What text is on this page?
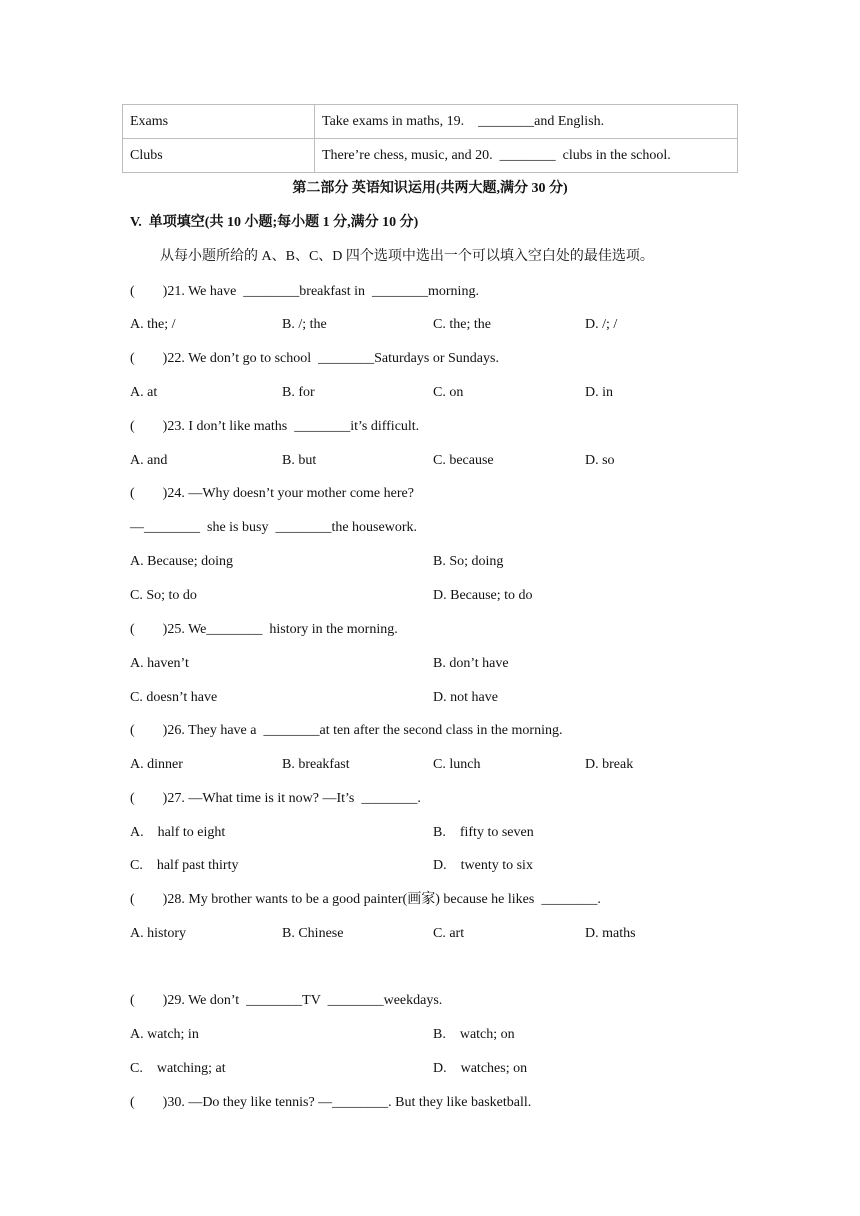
Exams	Take exams in maths, 19.    ________and English.
Clubs	There’re chess, music, and 20.  ________  clubs in the school.
第二部分 英语知识运用(共两大题,满分 30 分)
V.  单项填空(共 10 小题;每小题 1 分,满分 10 分)
从每小题所给的 A、B、C、D 四个选项中选出一个可以填入空白处的最佳选项。
(        )21. We have  ________breakfast in  ________morning.
A. the; /	B. /; the	C. the; the	D. /; /
(        )22. We don’t go to school  ________Saturdays or Sundays.
A. at	B. for	C. on	D. in
(        )23. I don’t like maths  ________it’s difficult.
A. and	B. but	C. because	D. so
(        )24. —Why doesn’t your mother come here?
—________  she is busy  ________the housework.
A. Because; doing	B. So; doing
C. So; to do	D. Because; to do
(        )25. We________  history in the morning.
A. haven’t	B. don’t have
C. doesn’t have	D. not have
(        )26. They have a  ________at ten after the second class in the morning.
A. dinner	B. breakfast	C. lunch	D. break
(        )27. —What time is it now? —It’s  ________.
A.    half to eight	B.    fifty to seven
C.    half past thirty	D.    twenty to six
(        )28. My brother wants to be a good painter(画家) because he likes  ________.
A. history	B. Chinese	C. art	D. maths
(        )29. We don’t  ________TV  ________weekdays.
A. watch; in	B.    watch; on
C.    watching; at	D.    watches; on
(        )30. —Do they like tennis? —________. But they like basketball.
